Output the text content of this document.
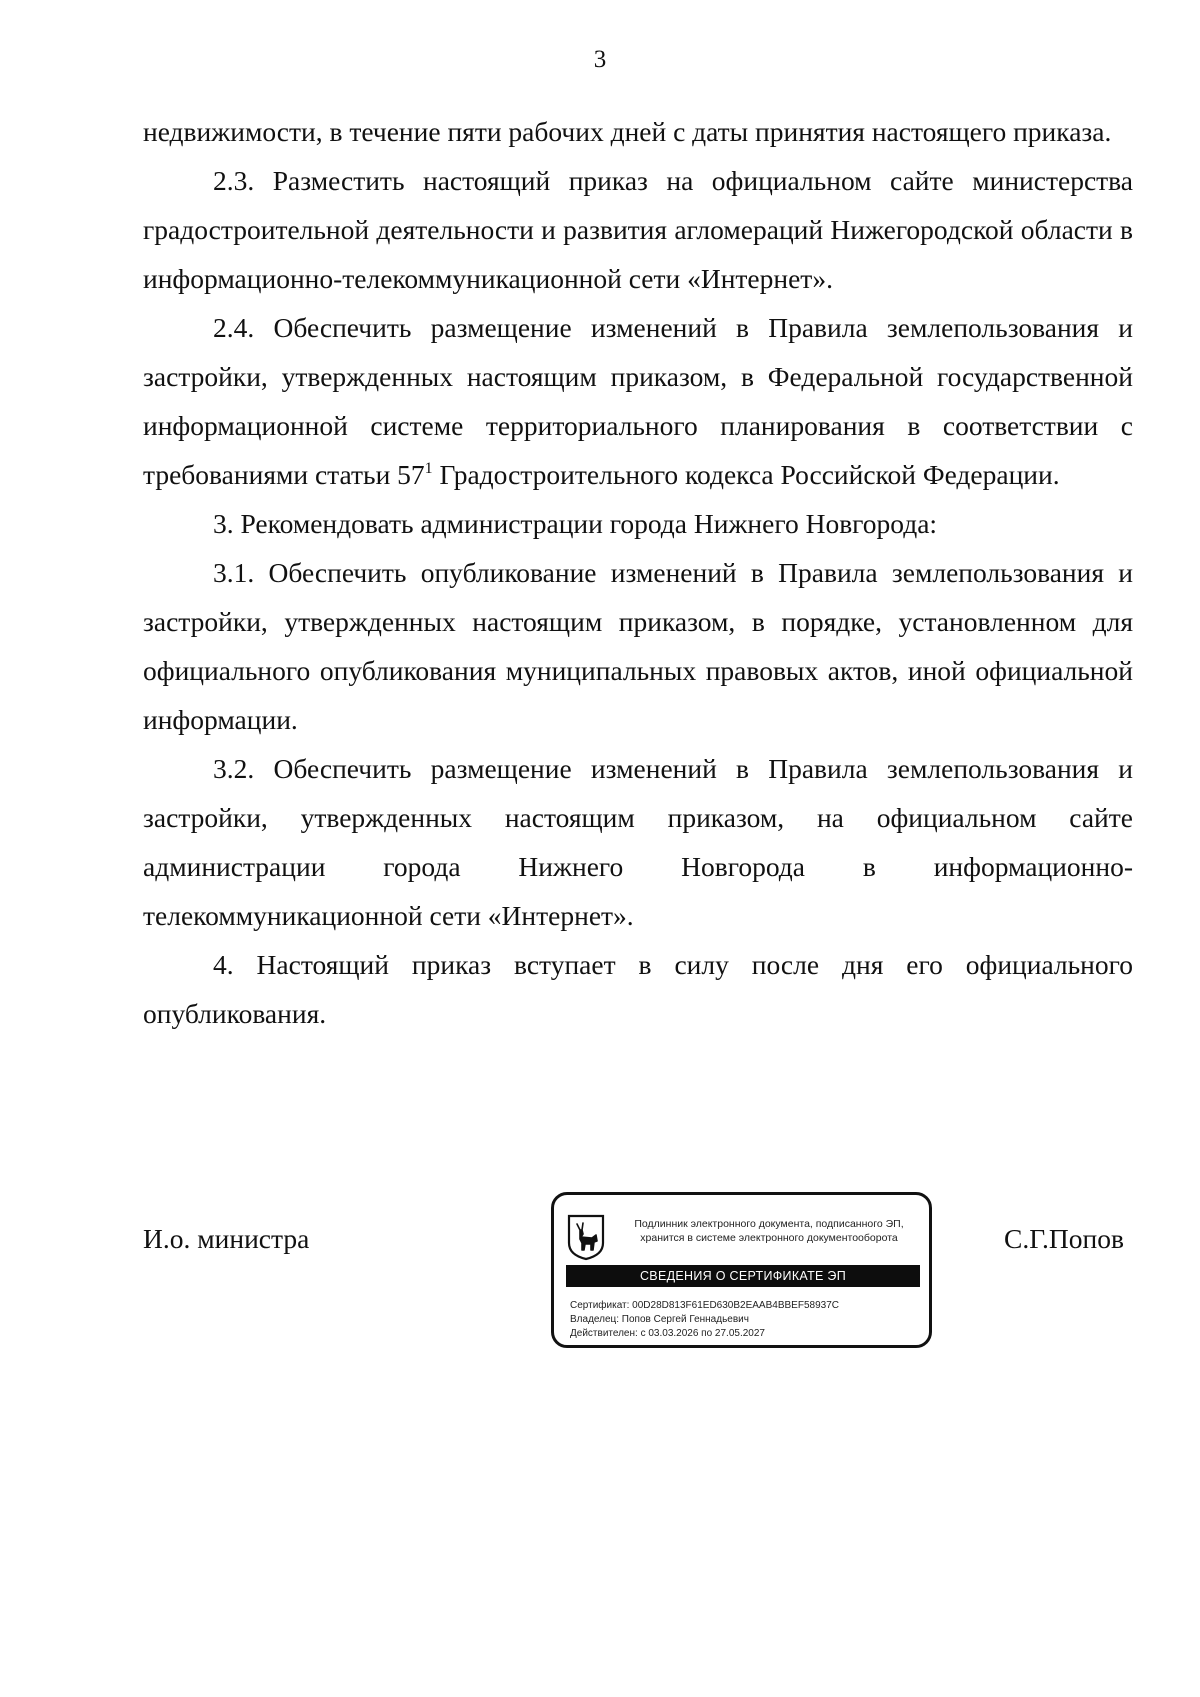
3

недвижимости, в течение пяти рабочих дней с даты принятия настоящего приказа.

2.3. Разместить настоящий приказ на официальном сайте министерства градостроительной деятельности и развития агломераций Нижегородской области в информационно-телекоммуникационной сети «Интернет».

2.4. Обеспечить размещение изменений в Правила землепользования и застройки, утвержденных настоящим приказом, в Федеральной государственной информационной системе территориального планирования в соответствии с требованиями статьи $57^1$ Градостроительного кодекса Российской Федерации.

3. Рекомендовать администрации города Нижнего Новгорода:

3.1. Обеспечить опубликование изменений в Правила землепользования и застройки, утвержденных настоящим приказом, в порядке, установленном для официального опубликования муниципальных правовых актов, иной официальной информации.

3.2. Обеспечить размещение изменений в Правила землепользования и застройки, утвержденных настоящим приказом, на официальном сайте администрации города Нижнего Новгорода в информационно-

телекоммуникационной сети «Интернет».

4. Настоящий приказ вступает в силу после дня его официального опубликования.

И.о. министра	С.Г.Попов
Подлинник электронного документа, подписанного ЭП,
хранится в системе электронного документооборота
СВЕДЕНИЯ О СЕРТИФИКАТЕ ЭП
Сертификат: 00D28D813F61ED630B2EAAB4BBEF58937C
Владелец: Попов Сергей Геннадьевич
Действителен: с 03.03.2026 по 27.05.2027
